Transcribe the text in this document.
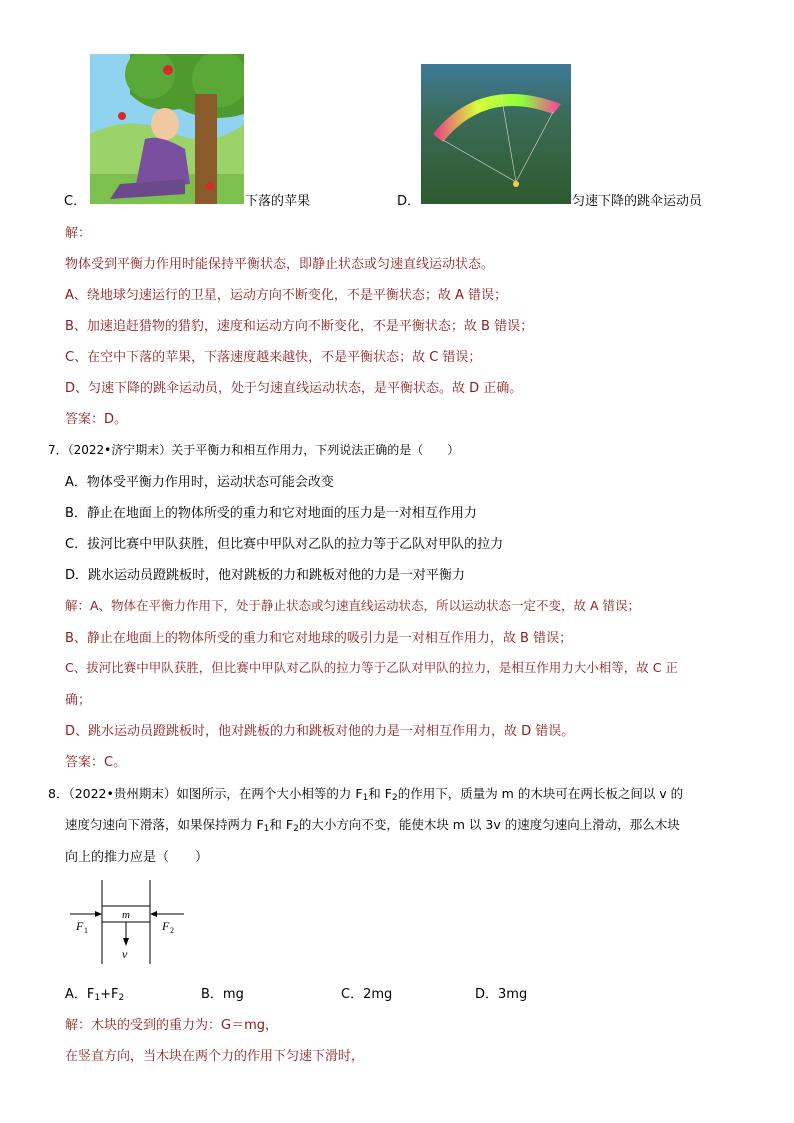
C．	下落的苹果	D．	匀速下降的跳伞运动员
解：
物体受到平衡力作用时能保持平衡状态，即静止状态或匀速直线运动状态。
A、绕地球匀速运行的卫星，运动方向不断变化，不是平衡状态；故 A 错误；
B、加速追赶猎物的猎豹，速度和运动方向不断变化，不是平衡状态；故 B 错误；
C、在空中下落的苹果，下落速度越来越快，不是平衡状态；故 C 错误；
D、匀速下降的跳伞运动员，处于匀速直线运动状态，是平衡状态。故 D 正确。
答案：D。
7．（2022•济宁期末）关于平衡力和相互作用力，下列说法正确的是（　　）
A．物体受平衡力作用时，运动状态可能会改变
B．静止在地面上的物体所受的重力和它对地面的压力是一对相互作用力
C．拔河比赛中甲队获胜，但比赛中甲队对乙队的拉力等于乙队对甲队的拉力
D．跳水运动员蹬跳板时，他对跳板的力和跳板对他的力是一对平衡力
解：A、物体在平衡力作用下，处于静止状态或匀速直线运动状态，所以运动状态一定不变，故 A 错误；
B、静止在地面上的物体所受的重力和它对地球的吸引力是一对相互作用力，故 B 错误；
C、拔河比赛中甲队获胜，但比赛中甲队对乙队的拉力等于乙队对甲队的拉力，是相互作用力大小相等，故 C 正
确；
D、跳水运动员蹬跳板时，他对跳板的力和跳板对他的力是一对相互作用力，故 D 错误。
答案：C。
8．（2022•贵州期末）如图所示，在两个大小相等的力 $F_1$和 $F_2$的作用下，质量为 m 的木块可在两长板之间以 v 的
速度匀速向下滑落，如果保持两力 $F_1$和 $F_2$的大小方向不变，能使木块 m 以 3v 的速度匀速向上滑动，那么木块
向上的推力应是（　　）
m
F 1	F 2
v
A．$F_1+F_2$	B．mg	C．2mg	D．3mg
解：木块的受到的重力为：G＝mg，
在竖直方向，当木块在两个力的作用下匀速下滑时，
